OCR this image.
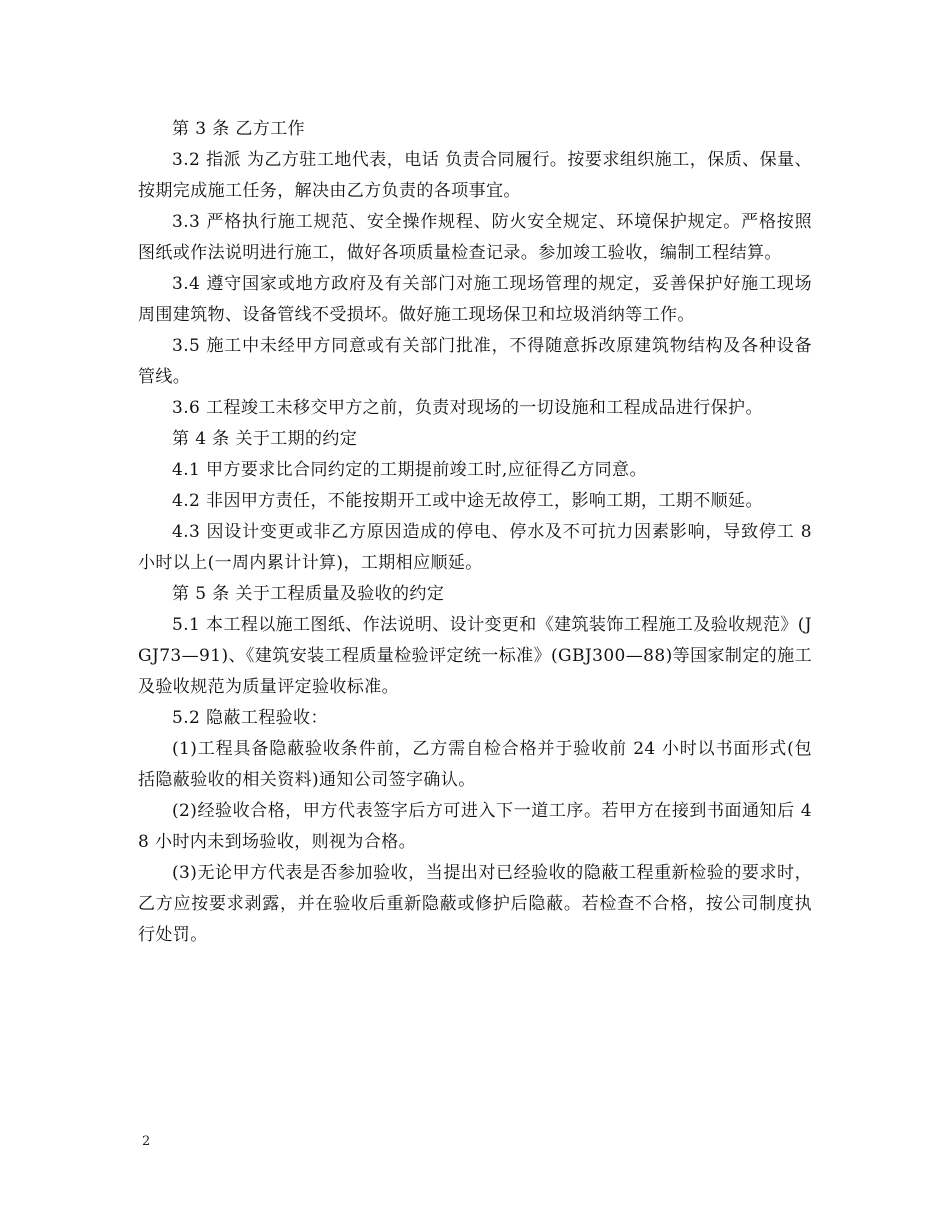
第 3 条 乙方工作

3.2 指派 为乙方驻工地代表，电话 负责合同履行。按要求组织施工，保质、保量、按期完成施工任务，解决由乙方负责的各项事宜。

3.3 严格执行施工规范、安全操作规程、防火安全规定、环境保护规定。严格按照图纸或作法说明进行施工，做好各项质量检查记录。参加竣工验收，编制工程结算。

3.4 遵守国家或地方政府及有关部门对施工现场管理的规定，妥善保护好施工现场周围建筑物、设备管线不受损坏。做好施工现场保卫和垃圾消纳等工作。

3.5 施工中未经甲方同意或有关部门批准，不得随意拆改原建筑物结构及各种设备管线。

3.6 工程竣工未移交甲方之前，负责对现场的一切设施和工程成品进行保护。

第 4 条 关于工期的约定

4.1 甲方要求比合同约定的工期提前竣工时,应征得乙方同意。

4.2 非因甲方责任，不能按期开工或中途无故停工，影响工期，工期不顺延。

4.3 因设计变更或非乙方原因造成的停电、停水及不可抗力因素影响，导致停工 8 小时以上(一周内累计计算)，工期相应顺延。

第 5 条 关于工程质量及验收的约定

5.1 本工程以施工图纸、作法说明、设计变更和《建筑装饰工程施工及验收规范》(JGJ73—91)、《建筑安装工程质量检验评定统一标准》(GBJ300—88)等国家制定的施工及验收规范为质量评定验收标准。

5.2 隐蔽工程验收：

(1)工程具备隐蔽验收条件前，乙方需自检合格并于验收前 24 小时以书面形式(包括隐蔽验收的相关资料)通知公司签字确认。

(2)经验收合格，甲方代表签字后方可进入下一道工序。若甲方在接到书面通知后 48 小时内未到场验收，则视为合格。

(3)无论甲方代表是否参加验收，当提出对已经验收的隐蔽工程重新检验的要求时，乙方应按要求剥露，并在验收后重新隐蔽或修护后隐蔽。若检查不合格，按公司制度执行处罚。

2
